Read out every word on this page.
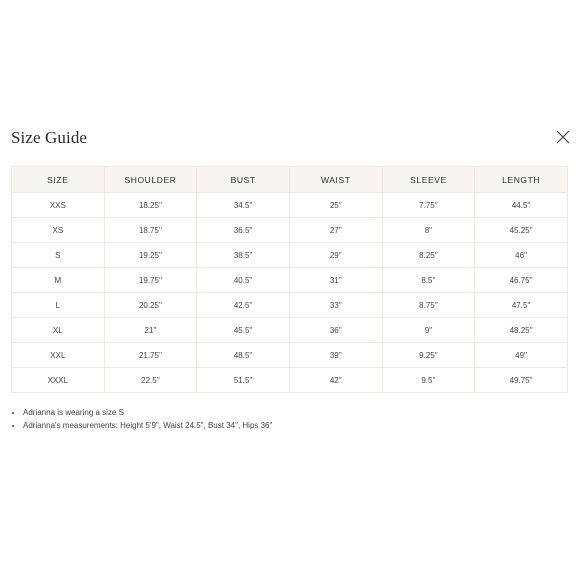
Size Guide
SIZE	SHOULDER	BUST	WAIST	SLEEVE	LENGTH
XXS	18.25''	34.5''	25''	7.75''	44.5''
XS	18.75''	36.5''	27''	8''	45.25''
S	19.25''	38.5''	29''	8.25''	46''
M	19.75''	40.5''	31''	8.5''	46.75''
L	20.25''	42.5''	33''	8.75''	47.5''
XL	21''	45.5''	36''	9''	48.25''
XXL	21.75''	48.5''	39''	9.25''	49''
XXXL	22.5''	51.5''	42''	9.5''	49.75''
• Adrianna is wearing a size S
• Adrianna's measurements: Height 5'9", Waist 24.5", Bust 34", Hips 36"
